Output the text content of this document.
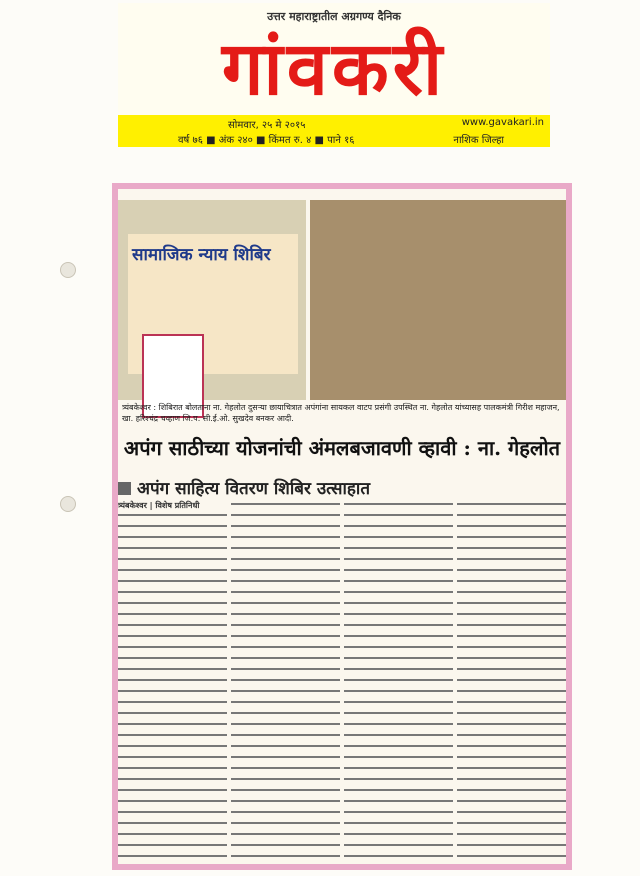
उत्तर महाराष्ट्रातील अग्रगण्य दैनिक
गांवकरी
सोमवार, २५ मे २०१५
वर्ष ७६ ■ अंक २४० ■ किंमत रु. ४ ■ पाने १६
www.gavakari.in
नाशिक जिल्हा
सामाजिक न्याय शिबिर
त्र्यंबकेश्वर : शिबिरात बोलताना ना. गेहलोत दुसऱ्या छायाचित्रात अपंगांना सायकल वाटप प्रसंगी उपस्थित ना. गेहलोत यांच्यासह पालकमंत्री गिरीश महाजन, खा. हरिश्चंद्र चव्हाण जि.प. सी.ई.ओ. सुखदेव बनकर आदी.
अपंग साठीच्या योजनांची अंमलबजावणी व्हावी : ना. गेहलोत
अपंग साहित्य वितरण शिबिर उत्साहात
त्र्यंबकेश्वर | विशेष प्रतिनिधी
